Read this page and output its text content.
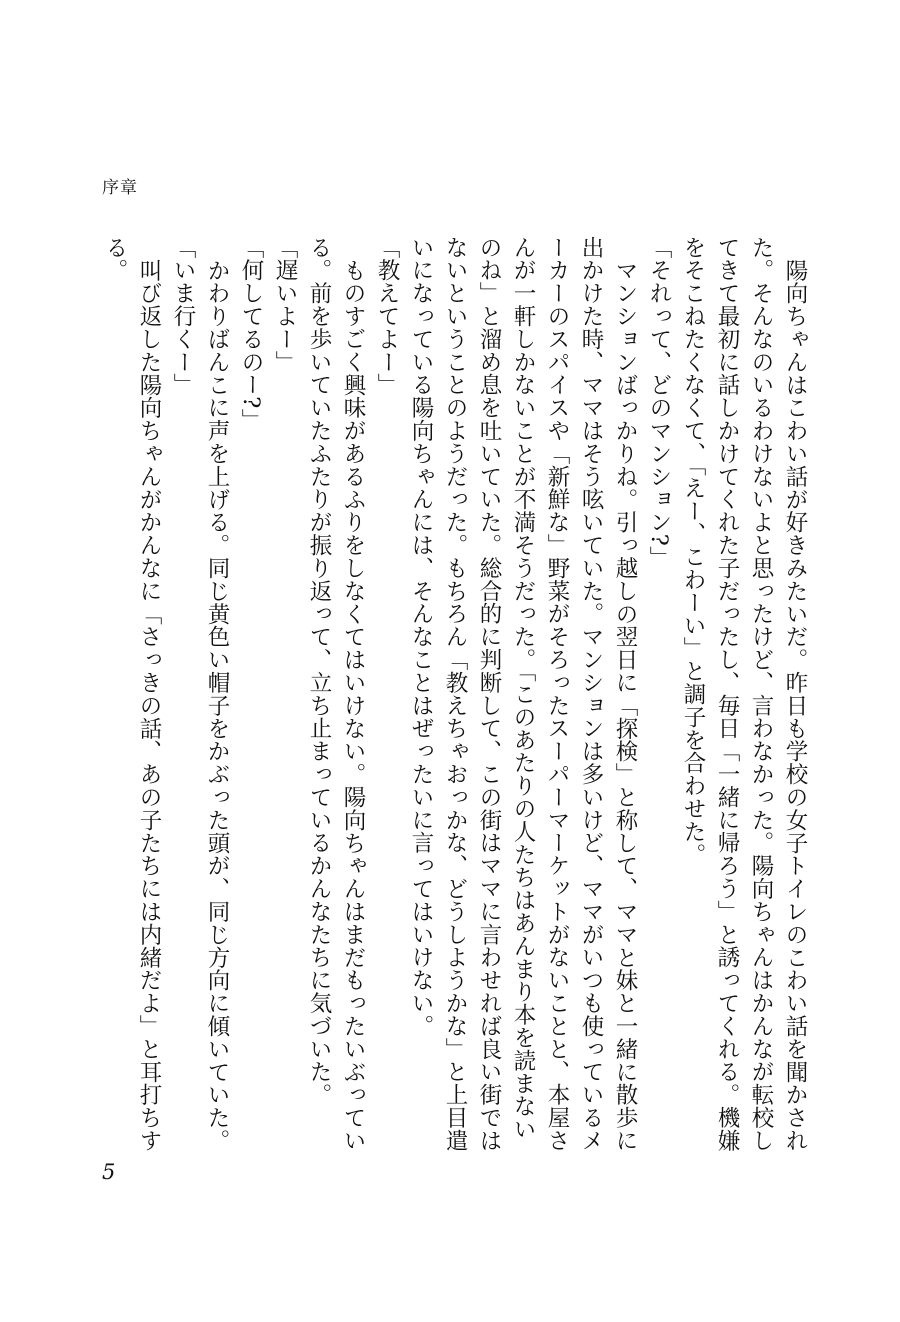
序章

陽向ちゃんはこわい話が好きみたいだ。昨日も学校の女子トイレのこわい話を聞かされた。そんなのいるわけないよと思ったけど、言わなかった。陽向ちゃんはかんなが転校してきて最初に話しかけてくれた子だったし、毎日「一緒に帰ろう」と誘ってくれる。機嫌をそこねたくなくて、「えー、こわーい」と調子を合わせた。

「それって、どのマンション?」

マンションばっかりね。引っ越しの翌日に「探検」と称して、ママと妹と一緒に散歩に出かけた時、ママはそう呟いていた。マンションは多いけど、ママがいつも使っているメーカーのスパイスや「新鮮な」野菜がそろったスーパーマーケットがないことと、本屋さんが一軒しかないことが不満そうだった。「このあたりの人たちはあんまり本を読まないのね」と溜め息を吐いていた。総合的に判断して、この街はママに言わせれば良い街ではないということのようだった。もちろん「教えちゃおっかな、どうしようかな」と上目遣いになっている陽向ちゃんには、そんなことはぜったいに言ってはいけない。

「教えてよー」

ものすごく興味があるふりをしなくてはいけない。陽向ちゃんはまだもったいぶっている。前を歩いていたふたりが振り返って、立ち止まっているかんなたちに気づいた。

「遅いよー」

「何してるのー?」

かわりばんこに声を上げる。同じ黄色い帽子をかぶった頭が、同じ方向に傾いていた。

「いま行くー」

叫び返した陽向ちゃんがかんなに「さっきの話、あの子たちには内緒だよ」と耳打ちする。

5
